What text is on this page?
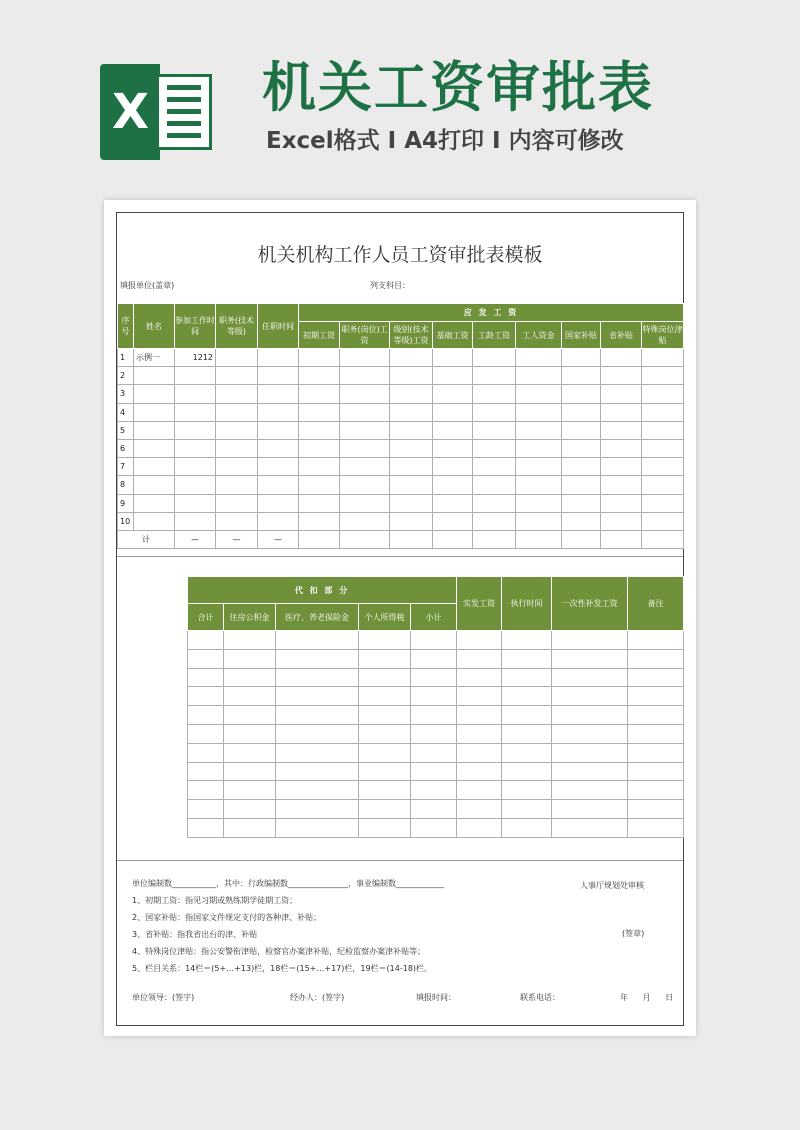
X 机关工资审批表
Excel格式 I A4打印 I 内容可修改
机关机构工作人员工资审批表模板
填报单位(盖章)	列支科目：
序号	姓名	参加工作时间	职务(技术等级)	任职时间	应 发 工 资								
					初期工资	职务(岗位)工资	级别(技术等级)工资	基础工资	工龄工资	工人资金	国家补贴	省补贴	特殊岗位津贴
1	示例一	1212											
2													
3													
4													
5													
6													
7													
8													
9													
10													
计		—	—	—									
代 扣 部 分					实发工资	执行时间	一次性补发工资	备注
合计	住房公积金	医疗、养老保险金	个人所得税	小计				

单位编制数___________，其中：行政编制数_______________，事业编制数____________
1、初期工资：指见习期或熟练期学徒期工资；
2、国家补贴：指国家文件规定支付的各种津、补贴；
3、省补贴：指我省出台的津、补贴
4、特殊岗位津贴：指公安警衔津贴，检察官办案津补贴，纪检监察办案津补贴等；
5、栏目关系：14栏＝(5+…+13)栏，18栏＝(15+…+17)栏，19栏＝(14-18)栏。
人事厅规划处审核
(签章)
单位领导：(签字)	经办人：(签字)	填报时间：	联系电话：	年 月 日
